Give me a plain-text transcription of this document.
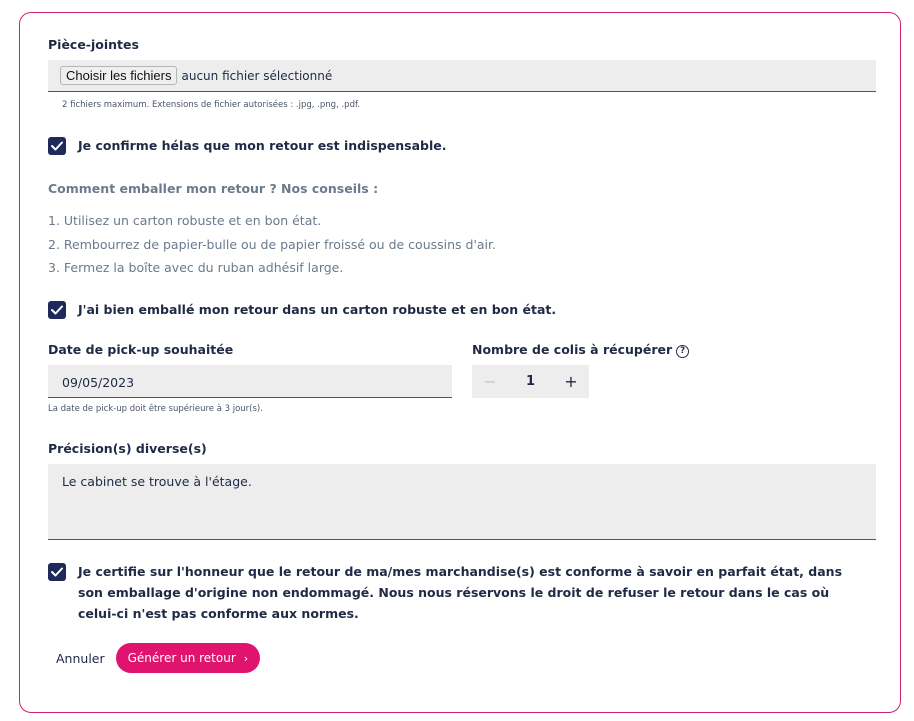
Pièce-jointes
Choisir les fichiers aucun fichier sélectionné
2 fichiers maximum. Extensions de fichier autorisées : .jpg, .png, .pdf.
Je confirme hélas que mon retour est indispensable.
Comment emballer mon retour ? Nos conseils :
1. Utilisez un carton robuste et en bon état.
2. Rembourrez de papier-bulle ou de papier froissé ou de coussins d'air.
3. Fermez la boîte avec du ruban adhésif large.
J'ai bien emballé mon retour dans un carton robuste et en bon état.
Date de pick-up souhaitée
09/05/2023
La date de pick-up doit être supérieure à 3 jour(s).
Nombre de colis à récupérer ?
−	1	+
Précision(s) diverse(s)
Le cabinet se trouve à l'étage.
Je certifie sur l'honneur que le retour de ma/mes marchandise(s) est conforme à savoir en parfait état, dans son emballage d'origine non endommagé. Nous nous réservons le droit de refuser le retour dans le cas où celui-ci n'est pas conforme aux normes.
Annuler Générer un retour ›
